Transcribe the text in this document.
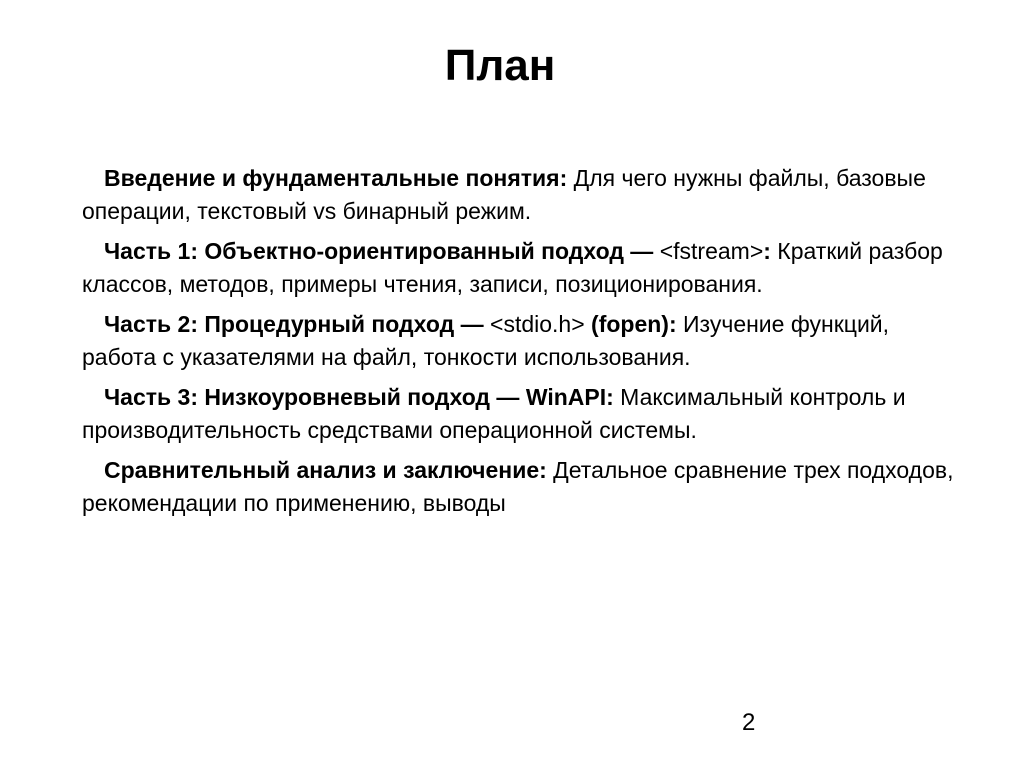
План

Введение и фундаментальные понятия: Для чего нужны файлы, базовые операции, текстовый vs бинарный режим.

Часть 1: Объектно-ориентированный подход — <fstream>: Краткий разбор классов, методов, примеры чтения, записи, позиционирования.

Часть 2: Процедурный подход — <stdio.h> (fopen): Изучение функций, работа с указателями на файл, тонкости использования.

Часть 3: Низкоуровневый подход — WinAPI: Максимальный контроль и производительность средствами операционной системы.

Сравнительный анализ и заключение: Детальное сравнение трех подходов, рекомендации по применению, выводы

2
